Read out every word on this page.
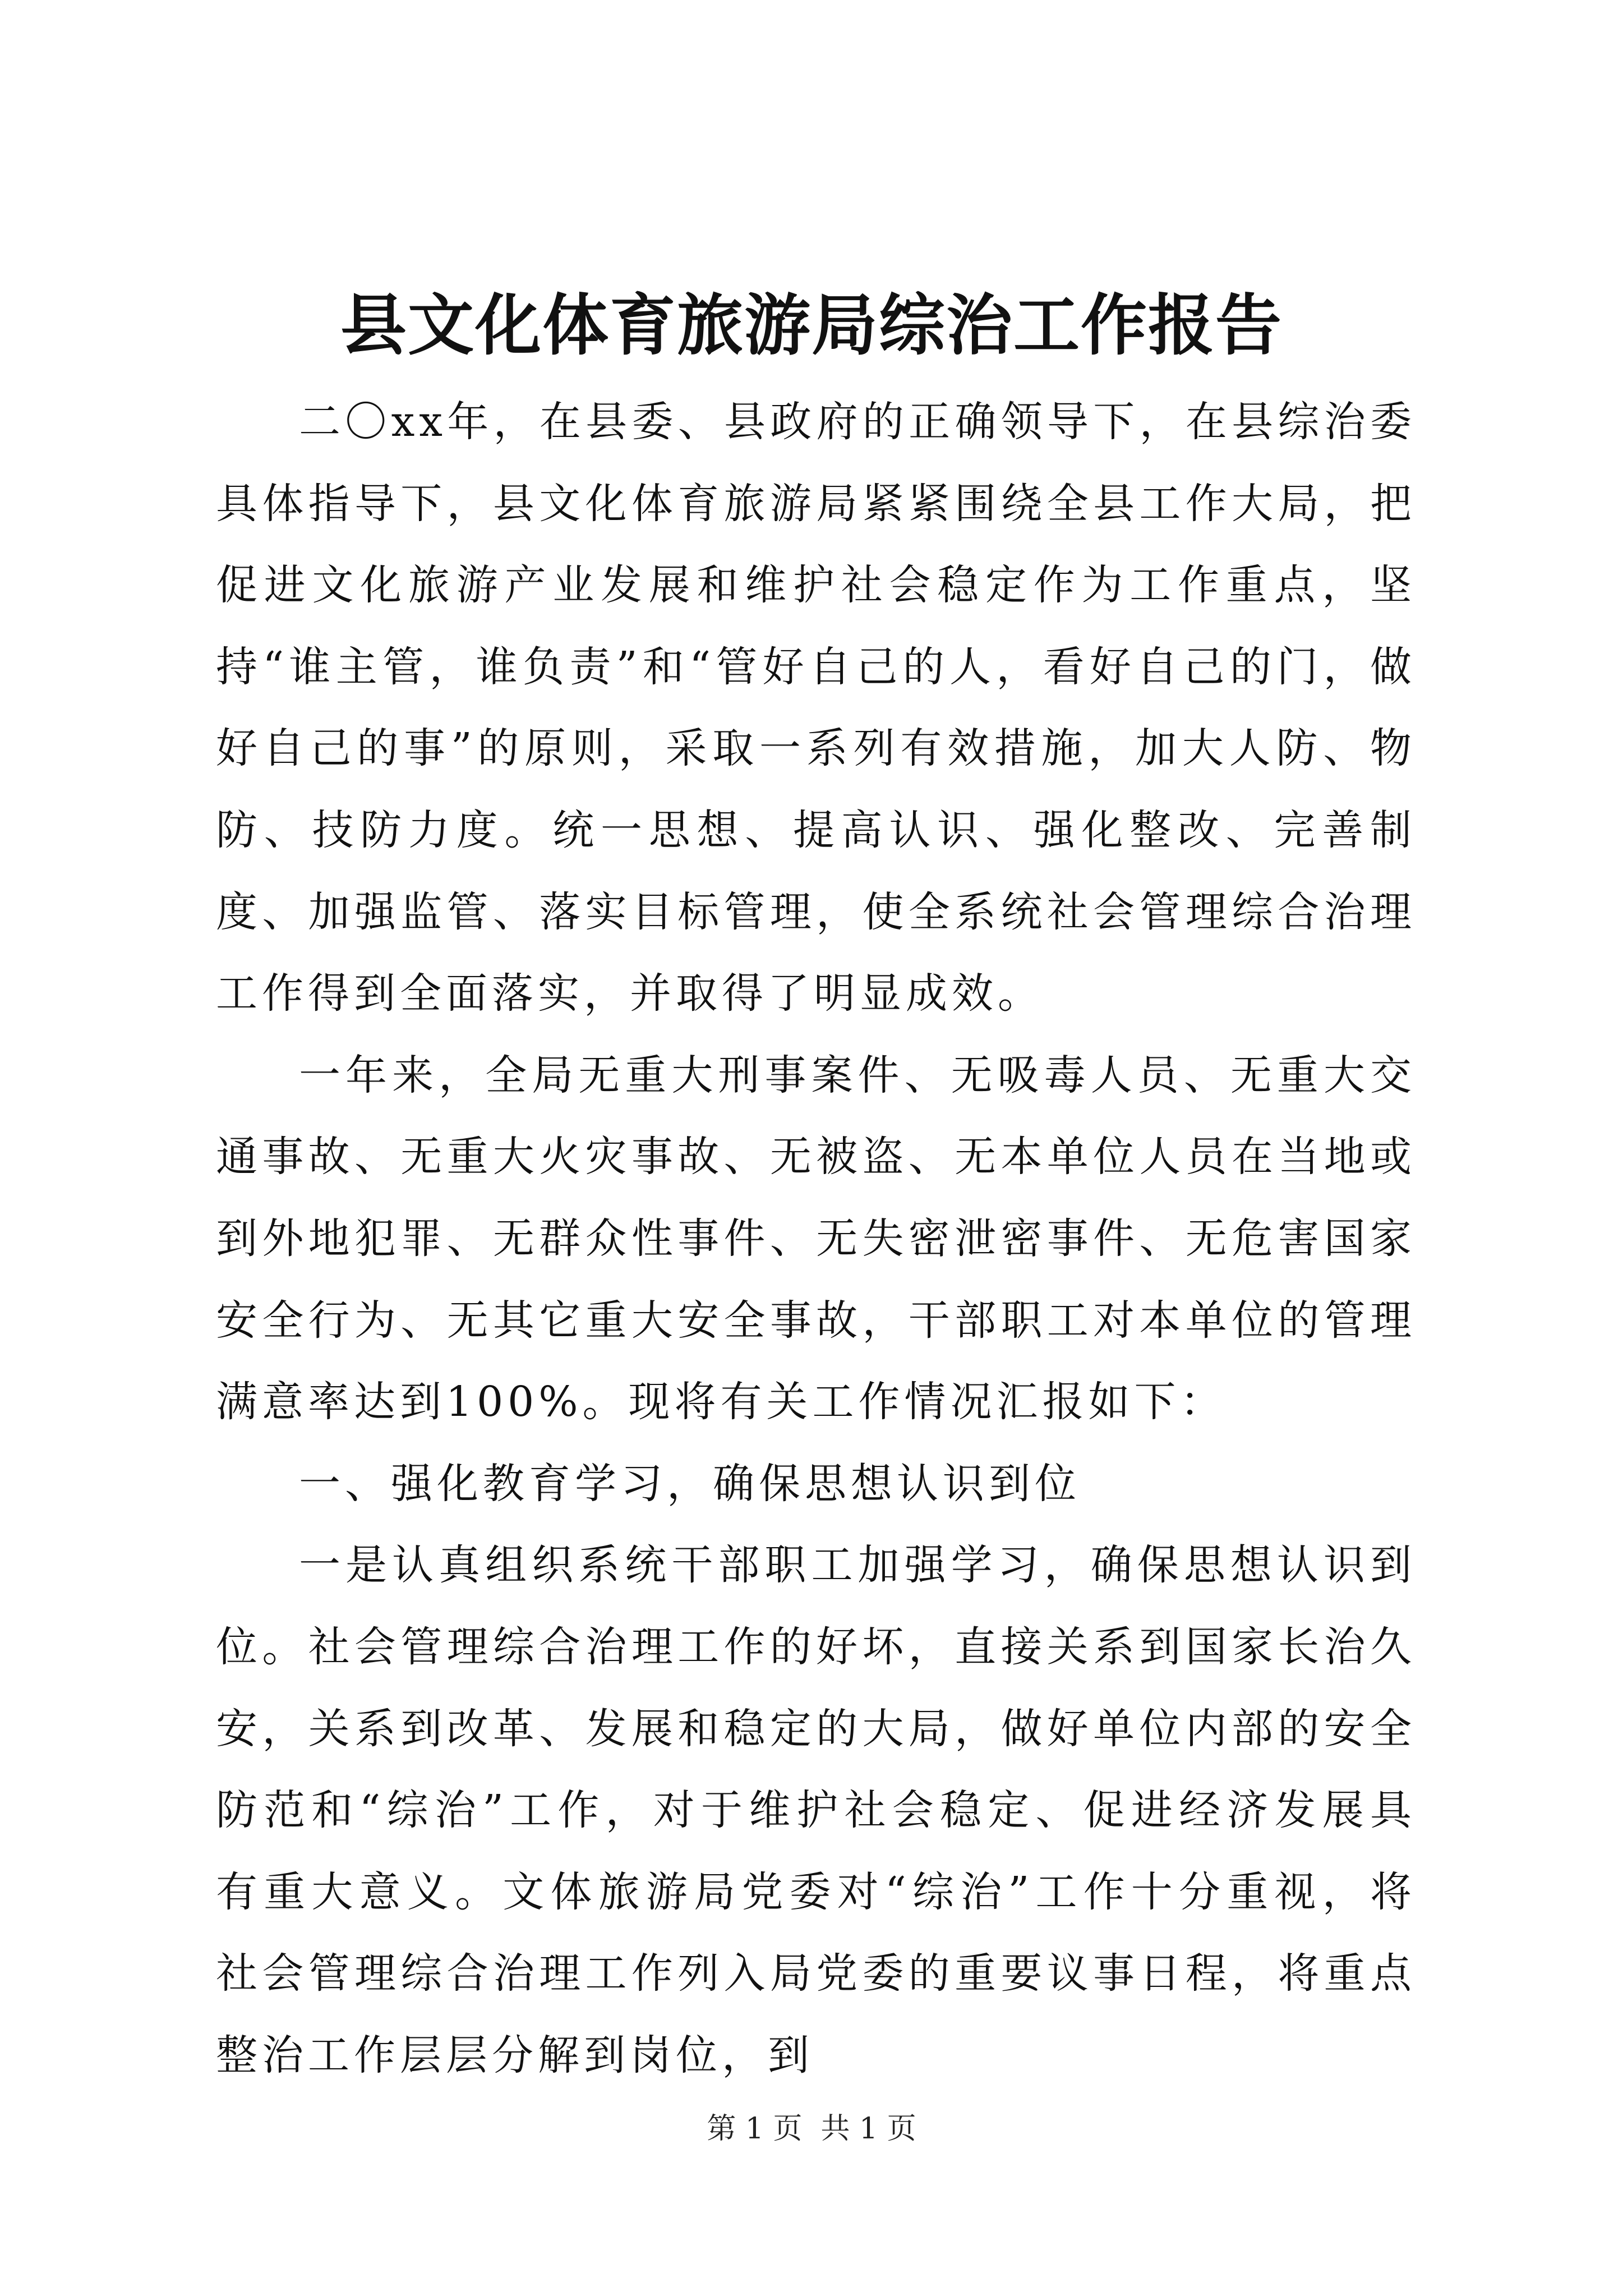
县文化体育旅游局综治工作报告

二〇xx年，在县委、县政府的正确领导下，在县综治委具体指导下，县文化体育旅游局紧紧围绕全县工作大局，把促进文化旅游产业发展和维护社会稳定作为工作重点，坚持“谁主管，谁负责”和“管好自己的人，看好自己的门，做好自己的事”的原则，采取一系列有效措施，加大人防、物防、技防力度。统一思想、提高认识、强化整改、完善制度、加强监管、落实目标管理，使全系统社会管理综合治理工作得到全面落实，并取得了明显成效。

一年来，全局无重大刑事案件、无吸毒人员、无重大交通事故、无重大火灾事故、无被盗、无本单位人员在当地或到外地犯罪、无群众性事件、无失密泄密事件、无危害国家安全行为、无其它重大安全事故，干部职工对本单位的管理满意率达到100%。现将有关工作情况汇报如下：

一、强化教育学习，确保思想认识到位

一是认真组织系统干部职工加强学习，确保思想认识到位。社会管理综合治理工作的好坏，直接关系到国家长治久安，关系到改革、发展和稳定的大局，做好单位内部的安全防范和“综治”工作，对于维护社会稳定、促进经济发展具有重大意义。文体旅游局党委对“综治”工作十分重视，将社会管理综合治理工作列入局党委的重要议事日程，将重点整治工作层层分解到岗位，到

第 1 页  共 1 页
